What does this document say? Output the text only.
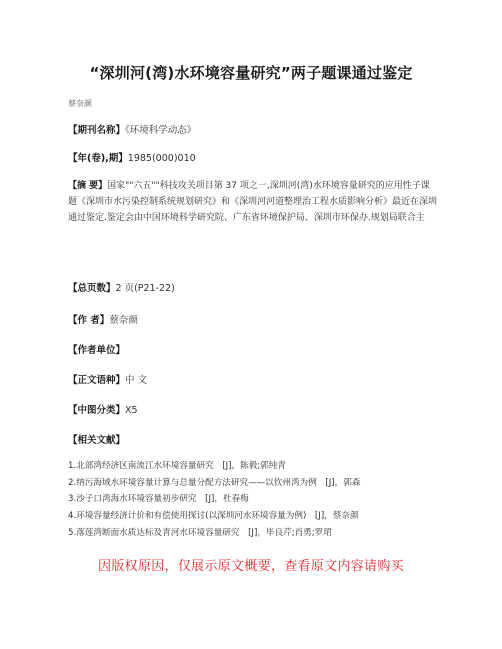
“深圳河(湾)水环境容量研究”两子题课通过鉴定
蔡奈颜
【期刊名称】《环境科学动态》
【年(卷),期】1985(000)010
【摘 要】国家""六五""科技攻关项目第 37 项之一,深圳河(湾)水环境容量研究的应用性子课题《深圳市水污染控制系统规划研究》和《深圳河河道整理治工程水质影响分析》最近在深圳通过鉴定.鉴定会由中国环境科学研究院、广东省环境保护局、深圳市环保办.规划局联合主
【总页数】2 页(P21-22)
【作 者】蔡奈颜
【作者单位】
【正文语种】中 文
【中图分类】X5
【相关文献】
1.北部湾经济区南流江水环境容量研究　[J]，陈毅;郭纯青
2.纳污海域水环境容量计算与总量分配方法研究——以钦州湾为例　[J]，郭森
3.沙子口湾海水环境容量初步研究　[J]，杜春梅
4.环境容量经济计价和有偿使用探讨(以深圳河水环境容量为例)　[J]，蔡奈颜
5.落莲湾断面水质达标及青河水环境容量研究　[J]，毕良芹;肖勇;罗珺
因版权原因，仅展示原文概要，查看原文内容请购买
